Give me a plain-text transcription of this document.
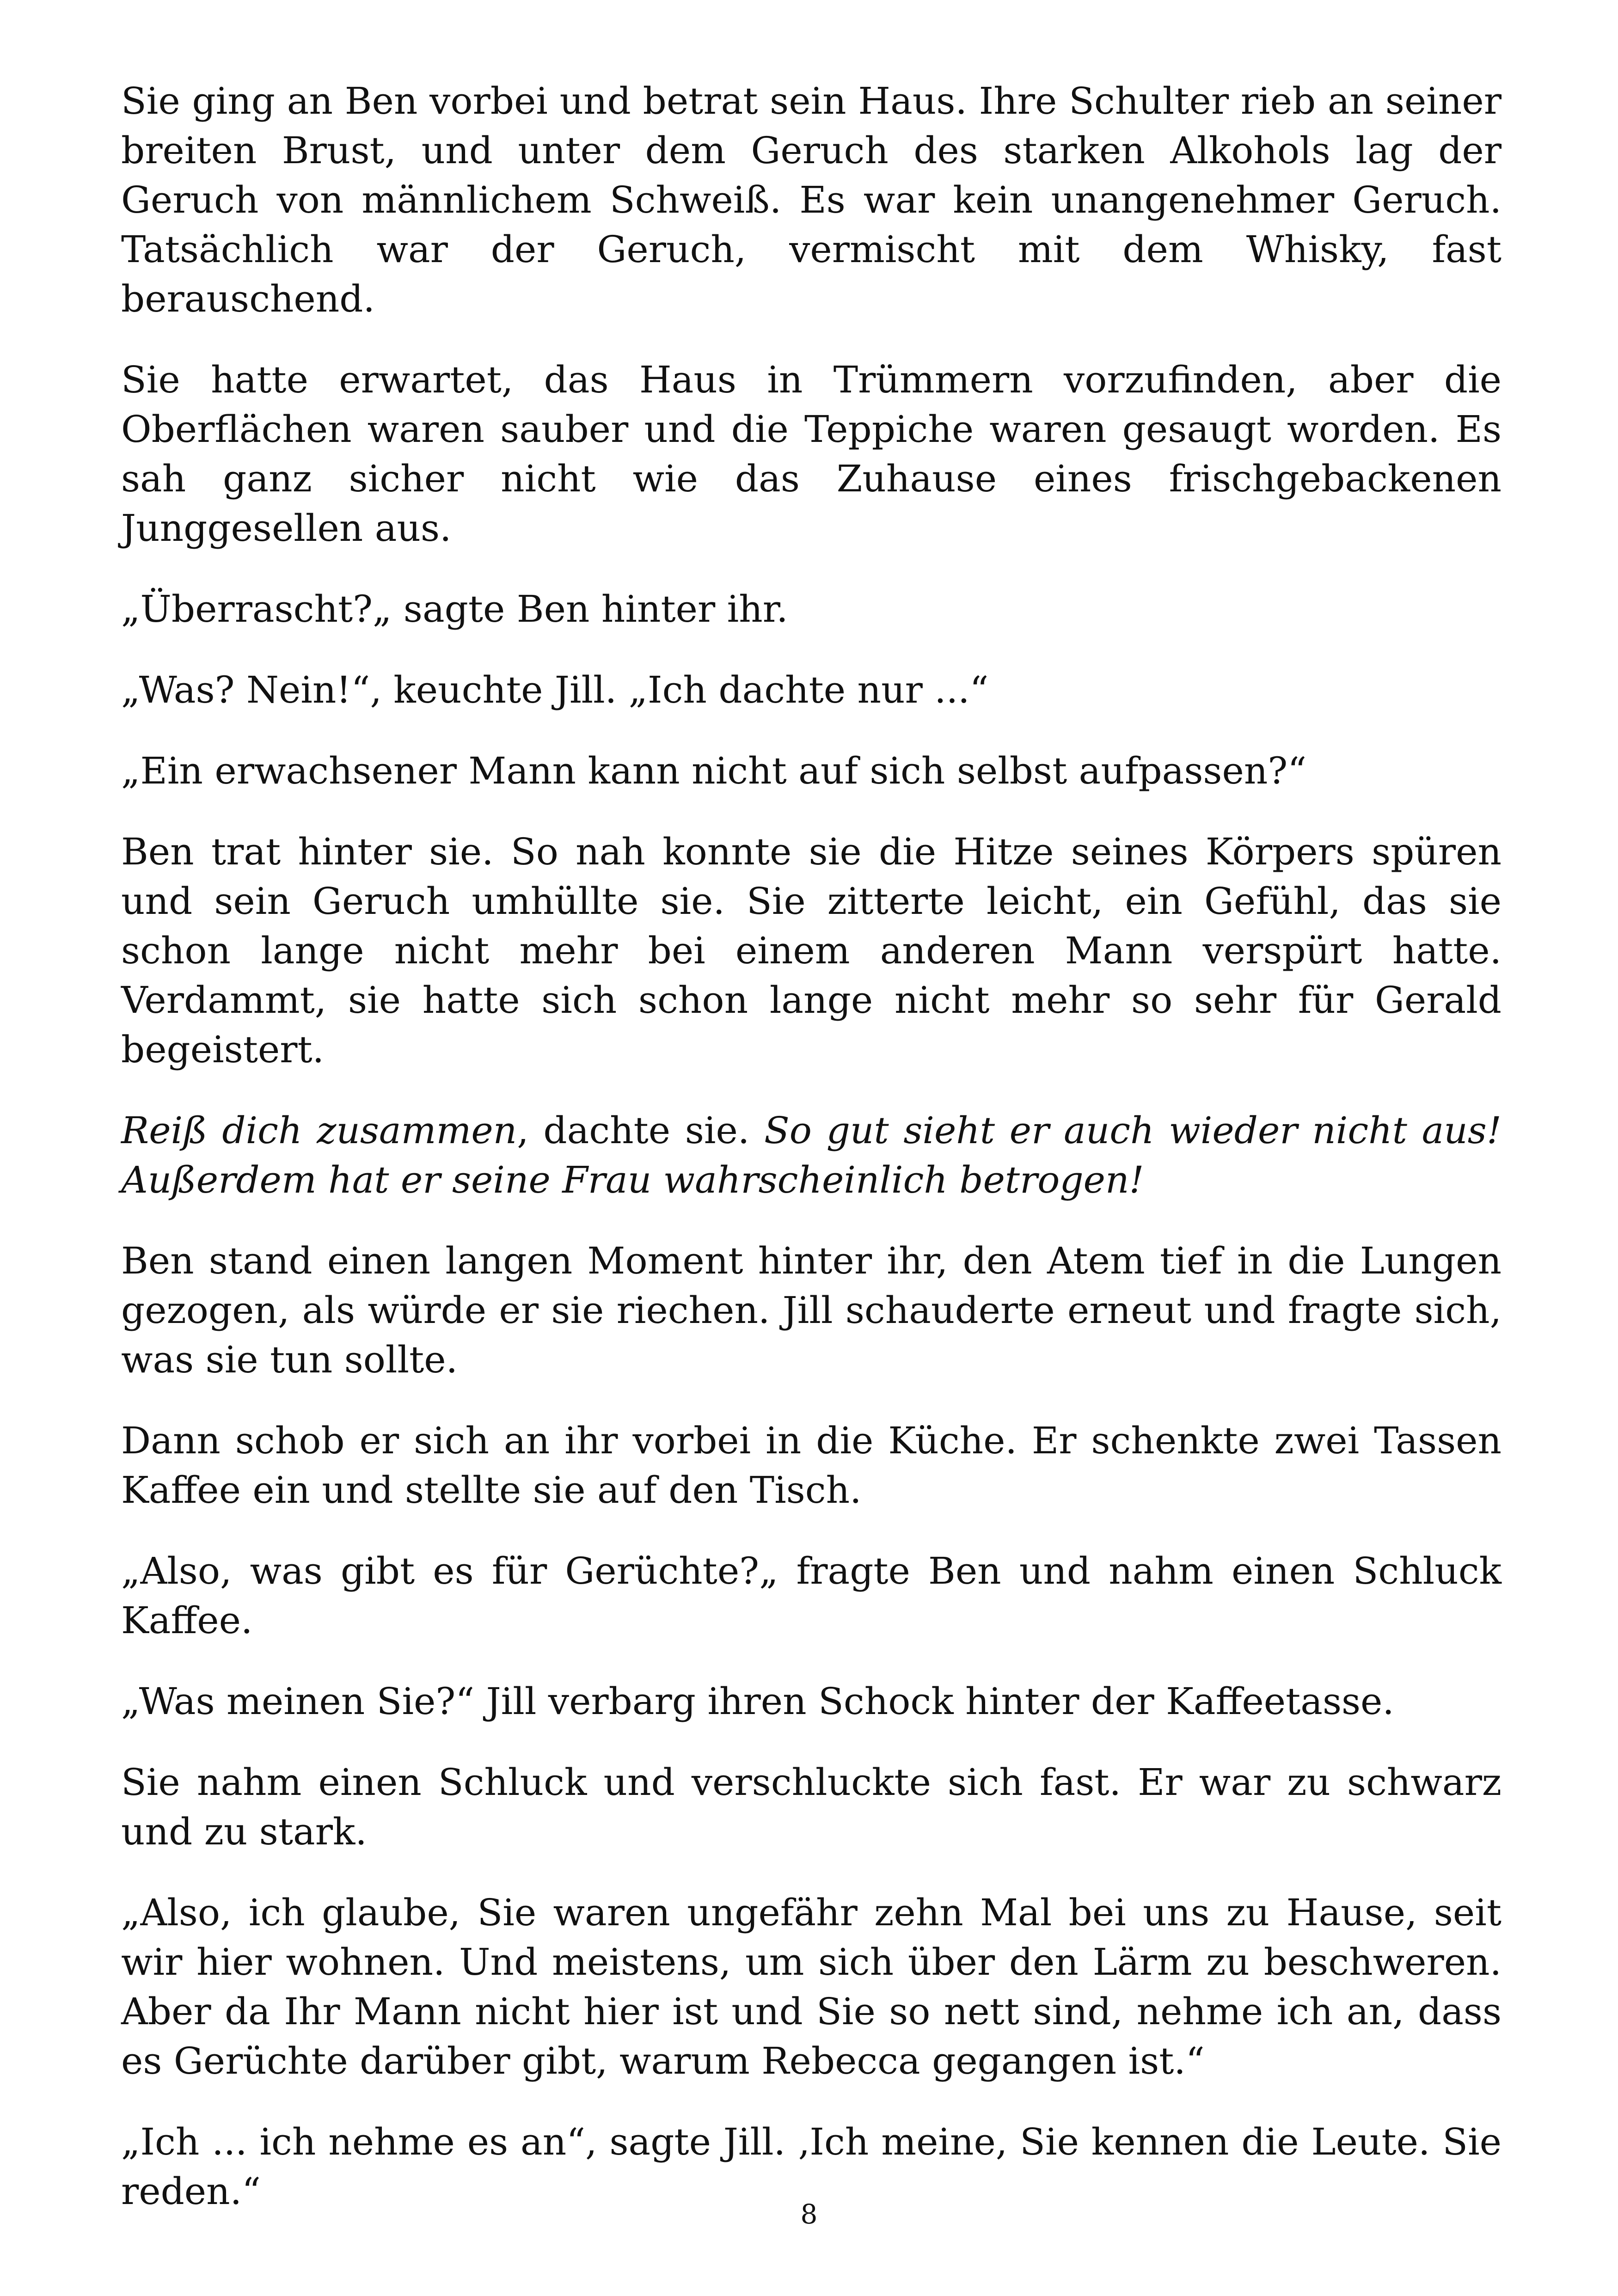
Sie ging an Ben vorbei und betrat sein Haus. Ihre Schulter rieb an seiner breiten Brust, und unter dem Geruch des starken Alkohols lag der Geruch von männlichem Schweiß. Es war kein unangenehmer Geruch. Tatsächlich war der Geruch, vermischt mit dem Whisky, fast berauschend.

Sie hatte erwartet, das Haus in Trümmern vorzufinden, aber die Oberflächen waren sauber und die Teppiche waren gesaugt worden. Es sah ganz sicher nicht wie das Zuhause eines frischgebackenen Junggesellen aus.

„Überrascht?„ sagte Ben hinter ihr.

„Was? Nein!“, keuchte Jill. „Ich dachte nur ...“

„Ein erwachsener Mann kann nicht auf sich selbst aufpassen?“

Ben trat hinter sie. So nah konnte sie die Hitze seines Körpers spüren und sein Geruch umhüllte sie. Sie zitterte leicht, ein Gefühl, das sie schon lange nicht mehr bei einem anderen Mann verspürt hatte. Verdammt, sie hatte sich schon lange nicht mehr so sehr für Gerald begeistert.

Reiß dich zusammen, dachte sie. So gut sieht er auch wieder nicht aus! Außerdem hat er seine Frau wahrscheinlich betrogen!

Ben stand einen langen Moment hinter ihr, den Atem tief in die Lungen gezogen, als würde er sie riechen. Jill schauderte erneut und fragte sich, was sie tun sollte.

Dann schob er sich an ihr vorbei in die Küche. Er schenkte zwei Tassen Kaffee ein und stellte sie auf den Tisch.

„Also, was gibt es für Gerüchte?„ fragte Ben und nahm einen Schluck Kaffee.

„Was meinen Sie?“ Jill verbarg ihren Schock hinter der Kaffeetasse.

Sie nahm einen Schluck und verschluckte sich fast. Er war zu schwarz und zu stark.

„Also, ich glaube, Sie waren ungefähr zehn Mal bei uns zu Hause, seit wir hier wohnen. Und meistens, um sich über den Lärm zu beschweren. Aber da Ihr Mann nicht hier ist und Sie so nett sind, nehme ich an, dass es Gerüchte darüber gibt, warum Rebecca gegangen ist.“

„Ich ... ich nehme es an“, sagte Jill. ‚Ich meine, Sie kennen die Leute. Sie reden.“

8
